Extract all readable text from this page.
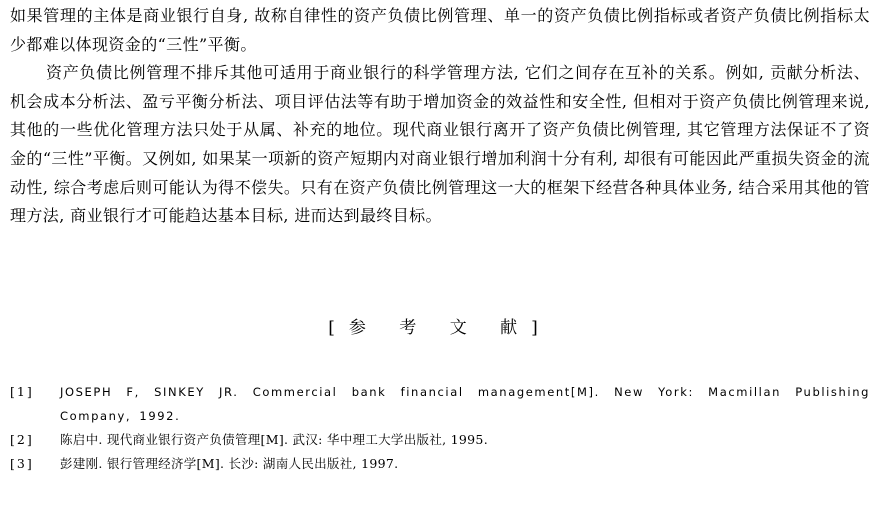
如果管理的主体是商业银行自身, 故称自律性的资产负债比例管理、单一的资产负债比例指标或者资产负债比例指标太少都难以体现资金的“三性”平衡。

资产负债比例管理不排斥其他可适用于商业银行的科学管理方法, 它们之间存在互补的关系。例如, 贡献分析法、机会成本分析法、盈亏平衡分析法、项目评估法等有助于增加资金的效益性和安全性, 但相对于资产负债比例管理来说, 其他的一些优化管理方法只处于从属、补充的地位。现代商业银行离开了资产负债比例管理, 其它管理方法保证不了资金的“三性”平衡。又例如, 如果某一项新的资产短期内对商业银行增加利润十分有利, 却很有可能因此严重损失资金的流动性, 综合考虑后则可能认为得不偿失。只有在资产负债比例管理这一大的框架下经营各种具体业务, 结合采用其他的管理方法, 商业银行才可能趋达基本目标, 进而达到最终目标。

[参 考 文 献]
[1]	JOSEPH F, SINKEY JR. Commercial bank financial management[M]. New York: Macmillan Publishing Company, 1992.
[2]	陈启中. 现代商业银行资产负债管理[M]. 武汉: 华中理工大学出版社, 1995.
[3]	彭建刚. 银行管理经济学[M]. 长沙: 湖南人民出版社, 1997.
